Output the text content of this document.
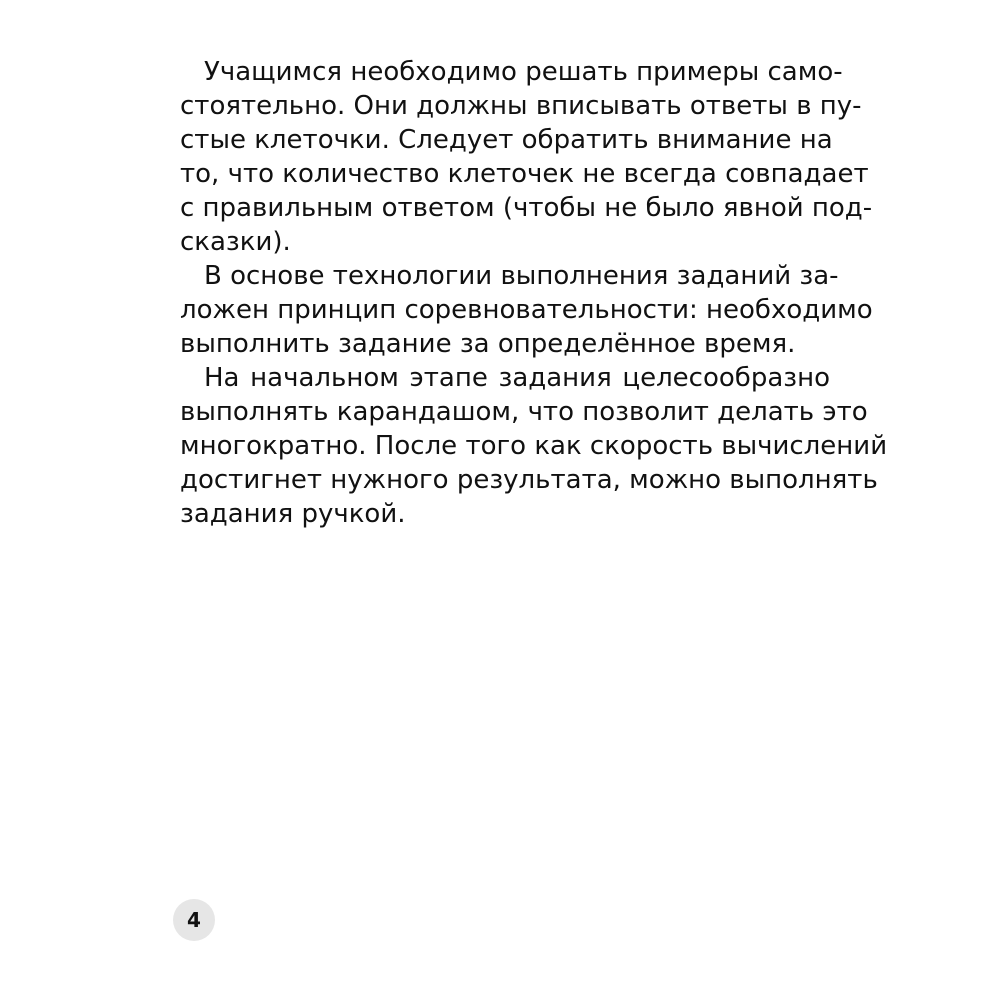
Учащимся необходимо решать примеры само-
стоятельно. Они должны вписывать ответы в пу-
стые клеточки. Следует обратить внимание на
то, что количество клеточек не всегда совпадает
с правильным ответом (чтобы не было явной под-
сказки).
В основе технологии выполнения заданий за-
ложен принцип соревновательности: необходимо
выполнить задание за определённое время.
На начальном этапе задания целесообразно
выполнять карандашом, что позволит делать это
многократно. После того как скорость вычислений
достигнет нужного результата, можно выполнять
задания ручкой.
4
